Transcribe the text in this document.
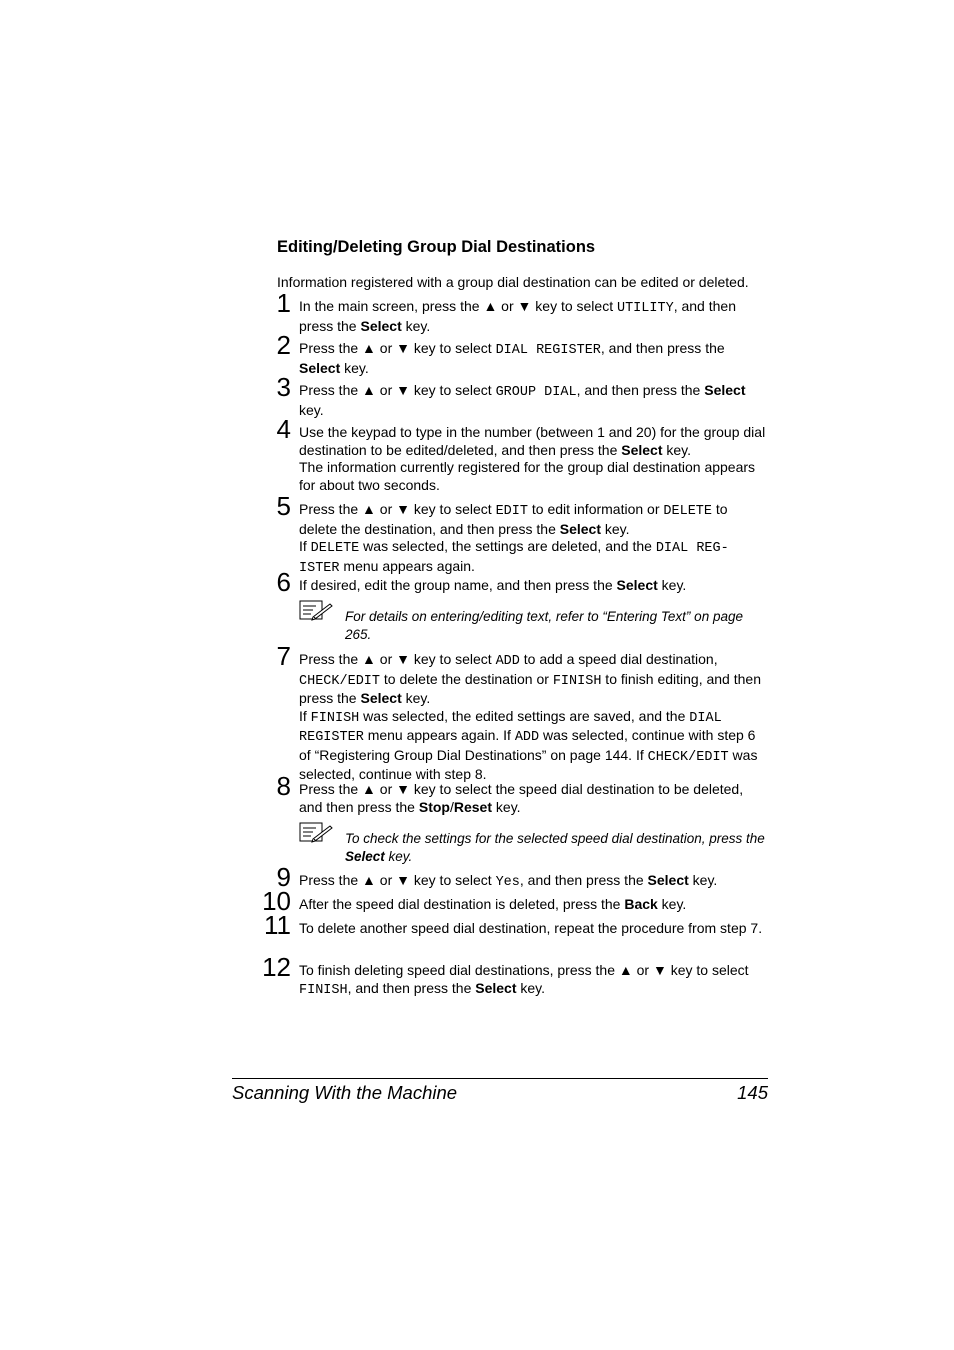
Editing/Deleting Group Dial Destinations

Information registered with a group dial destination can be edited or deleted.

1 In the main screen, press the ▲ or ▼ key to select UTILITY, and then press the Select key.

2 Press the ▲ or ▼ key to select DIAL REGISTER, and then press the Select key.

3 Press the ▲ or ▼ key to select GROUP DIAL, and then press the Select key.

4 Use the keypad to type in the number (between 1 and 20) for the group dial destination to be edited/deleted, and then press the Select key.

The information currently registered for the group dial destination appears for about two seconds.

5 Press the ▲ or ▼ key to select EDIT to edit information or DELETE to delete the destination, and then press the Select key.

If DELETE was selected, the settings are deleted, and the DIAL REG-ISTER menu appears again.

6 If desired, edit the group name, and then press the Select key.

For details on entering/editing text, refer to “Entering Text” on page 265.
7 Press the ▲ or ▼ key to select ADD to add a speed dial destination, CHECK/EDIT to delete the destination or FINISH to finish editing, and then press the Select key.

If FINISH was selected, the edited settings are saved, and the DIAL REGISTER menu appears again. If ADD was selected, continue with step 6 of “Registering Group Dial Destinations” on page 144. If CHECK/EDIT was selected, continue with step 8.

8 Press the ▲ or ▼ key to select the speed dial destination to be deleted, and then press the Stop/Reset key.

To check the settings for the selected speed dial destination, press the Select key.
9 Press the ▲ or ▼ key to select Yes, and then press the Select key.

10 After the speed dial destination is deleted, press the Back key.

11 To delete another speed dial destination, repeat the procedure from step 7.

12 To finish deleting speed dial destinations, press the ▲ or ▼ key to select FINISH, and then press the Select key.

Scanning With the Machine	145
